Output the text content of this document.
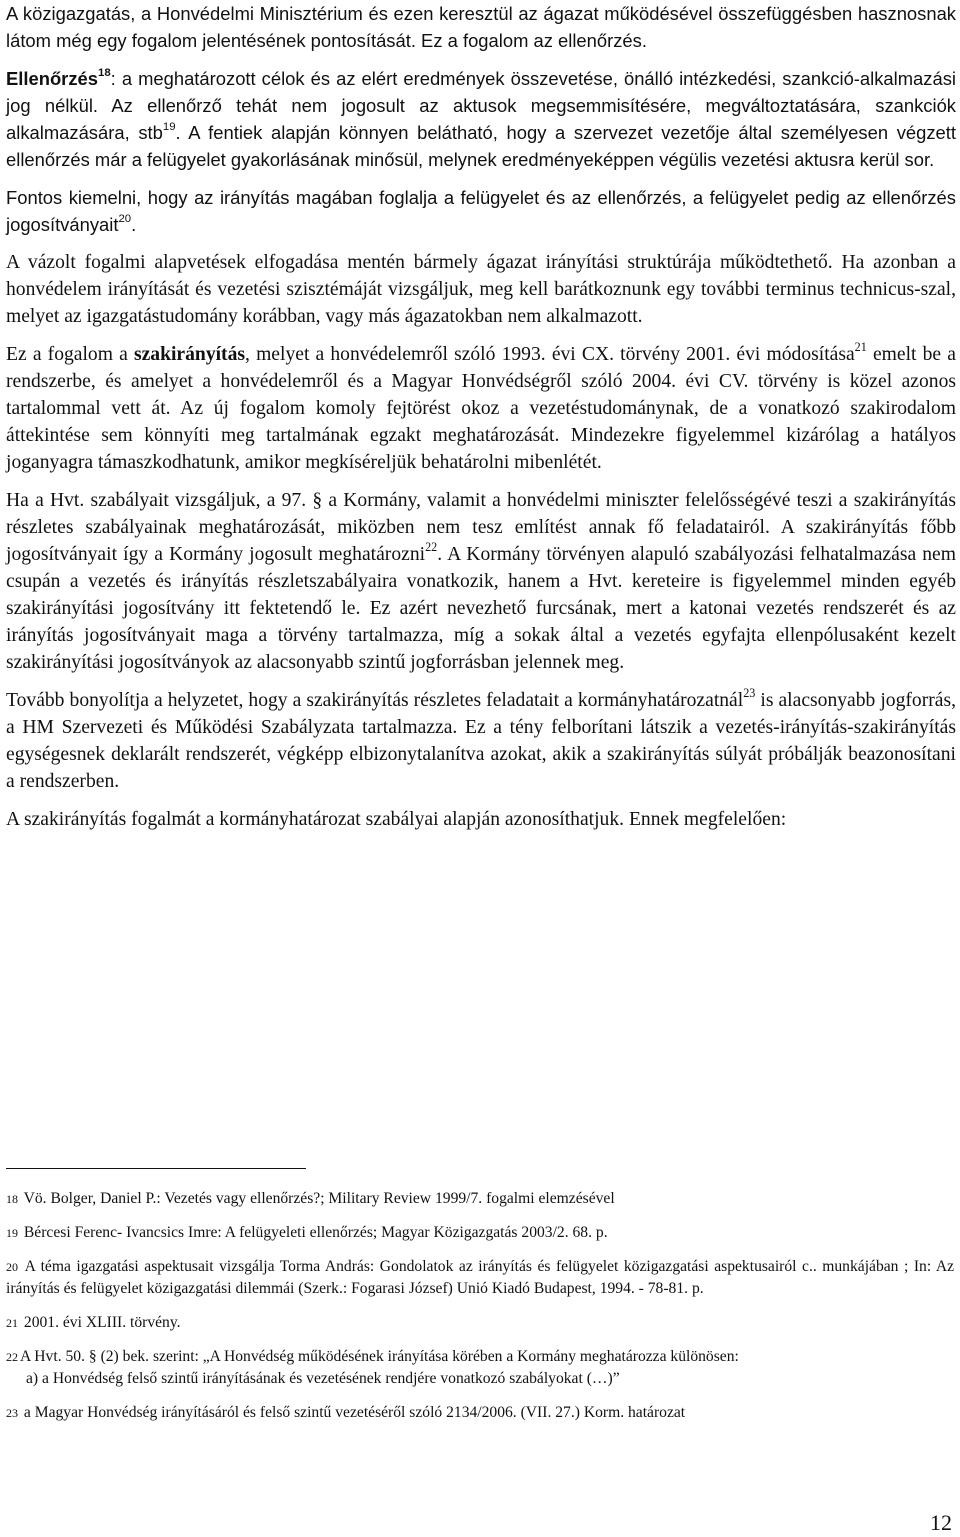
A közigazgatás, a Honvédelmi Minisztérium és ezen keresztül az ágazat működésével összefüggésben hasznosnak látom még egy fogalom jelentésének pontosítását. Ez a fogalom az ellenőrzés.

Ellenőrzés$^{18}$: a meghatározott célok és az elért eredmények összevetése, önálló intézkedési, szankció-alkalmazási jog nélkül. Az ellenőrző tehát nem jogosult az aktusok megsemmisítésére, megváltoztatására, szankciók alkalmazására, stb$^{19}$. A fentiek alapján könnyen belátható, hogy a szervezet vezetője által személyesen végzett ellenőrzés már a felügyelet gyakorlásának minősül, melynek eredményeképpen végülis vezetési aktusra kerül sor.

Fontos kiemelni, hogy az irányítás magában foglalja a felügyelet és az ellenőrzés, a felügyelet pedig az ellenőrzés jogosítványait$^{20}$.

A vázolt fogalmi alapvetések elfogadása mentén bármely ágazat irányítási struktúrája működtethető. Ha azonban a honvédelem irányítását és vezetési szisztémáját vizsgáljuk, meg kell barátkoznunk egy további terminus technicus-szal, melyet az igazgatástudomány korábban, vagy más ágazatokban nem alkalmazott.

Ez a fogalom a szakirányítás, melyet a honvédelemről szóló 1993. évi CX. törvény 2001. évi módosítása$^{21}$ emelt be a rendszerbe, és amelyet a honvédelemről és a Magyar Honvédségről szóló 2004. évi CV. törvény is közel azonos tartalommal vett át. Az új fogalom komoly fejtörést okoz a vezetéstudománynak, de a vonatkozó szakirodalom áttekintése sem könnyíti meg tartalmának egzakt meghatározását. Mindezekre figyelemmel kizárólag a hatályos joganyagra támaszkodhatunk, amikor megkíséreljük behatárolni mibenlétét.

Ha a Hvt. szabályait vizsgáljuk, a 97. § a Kormány, valamit a honvédelmi miniszter felelősségévé teszi a szakirányítás részletes szabályainak meghatározását, miközben nem tesz említést annak fő feladatairól. A szakirányítás főbb jogosítványait így a Kormány jogosult meghatározni$^{22}$. A Kormány törvényen alapuló szabályozási felhatalmazása nem csupán a vezetés és irányítás részletszabályaira vonatkozik, hanem a Hvt. kereteire is figyelemmel minden egyéb szakirányítási jogosítvány itt fektetendő le. Ez azért nevezhető furcsának, mert a katonai vezetés rendszerét és az irányítás jogosítványait maga a törvény tartalmazza, míg a sokak által a vezetés egyfajta ellenpólusaként kezelt szakirányítási jogosítványok az alacsonyabb szintű jogforrásban jelennek meg.

Tovább bonyolítja a helyzetet, hogy a szakirányítás részletes feladatait a kormányhatározatnál$^{23}$ is alacsonyabb jogforrás, a HM Szervezeti és Működési Szabályzata tartalmazza. Ez a tény felborítani látszik a vezetés-irányítás-szakirányítás egységesnek deklarált rendszerét, végképp elbizonytalanítva azokat, akik a szakirányítás súlyát próbálják beazonosítani a rendszerben.

A szakirányítás fogalmát a kormányhatározat szabályai alapján azonosíthatjuk. Ennek megfelelően:

$^{18}$ Vö. Bolger, Daniel P.: Vezetés vagy ellenőrzés?; Military Review 1999/7. fogalmi elemzésével

$^{19}$ Bércesi Ferenc- Ivancsics Imre: A felügyeleti ellenőrzés; Magyar Közigazgatás 2003/2. 68. p.

$^{20}$ A téma igazgatási aspektusait vizsgálja Torma András: Gondolatok az irányítás és felügyelet közigazgatási aspektusairól c.. munkájában ; In: Az irányítás és felügyelet közigazgatási dilemmái (Szerk.: Fogarasi József) Unió Kiadó Budapest, 1994. - 78-81. p.

$^{21}$ 2001. évi XLIII. törvény.

$^{22}$ A Hvt. 50. § (2) bek. szerint: „A Honvédség működésének irányítása körében a Kormány meghatározza különösen:
a) a Honvédség felső szintű irányításának és vezetésének rendjére vonatkozó szabályokat (…)”

$^{23}$ a Magyar Honvédség irányításáról és felső szintű vezetéséről szóló 2134/2006. (VII. 27.) Korm. határozat

12
